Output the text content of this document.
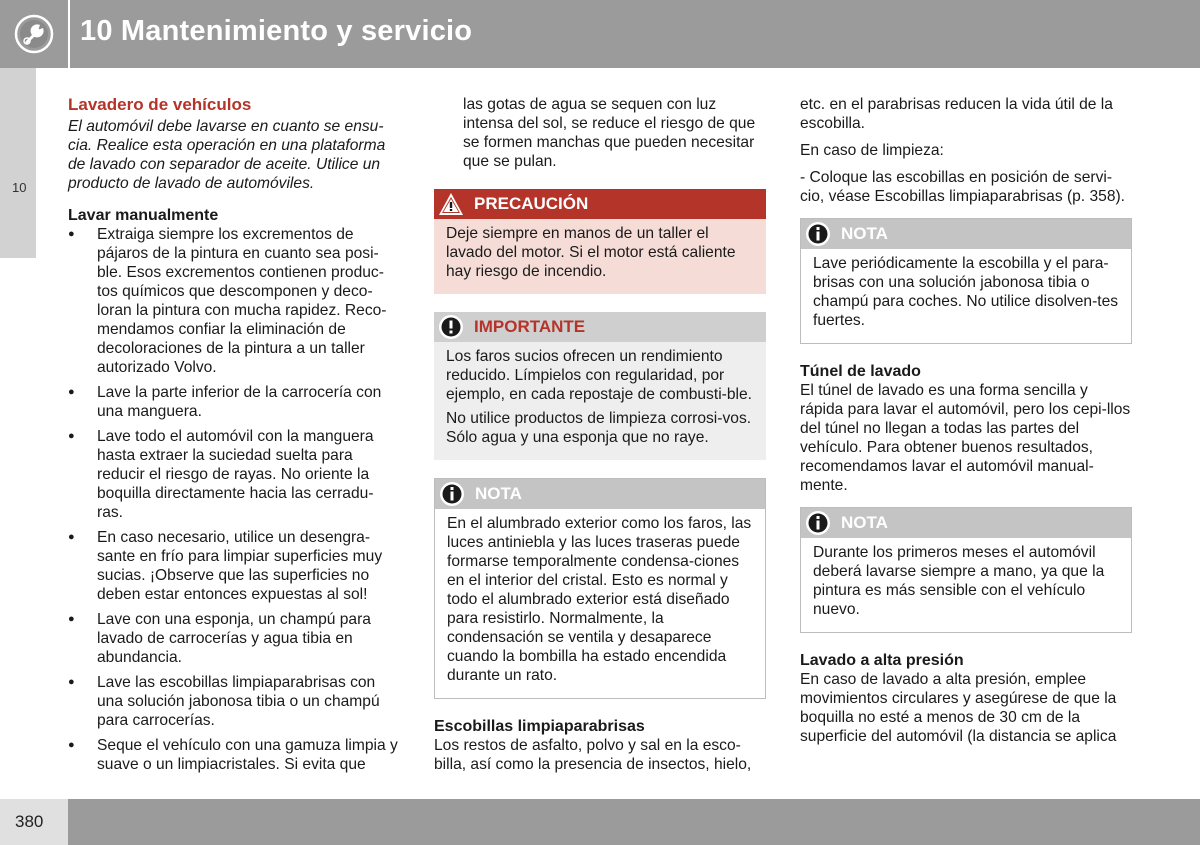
10 Mantenimiento y servicio
10
Lavadero de vehículos
El automóvil debe lavarse en cuanto se ensu-cia. Realice esta operación en una plataforma de lavado con separador de aceite. Utilice un producto de lavado de automóviles.
Lavar manualmente
● Extraiga siempre los excrementos de pájaros de la pintura en cuanto sea posi-ble. Esos excrementos contienen produc-tos químicos que descomponen y deco-loran la pintura con mucha rapidez. Reco-mendamos confiar la eliminación de decoloraciones de la pintura a un taller autorizado Volvo.
● Lave la parte inferior de la carrocería con una manguera.
● Lave todo el automóvil con la manguera hasta extraer la suciedad suelta para reducir el riesgo de rayas. No oriente la boquilla directamente hacia las cerradu-ras.
● En caso necesario, utilice un desengra-sante en frío para limpiar superficies muy sucias. ¡Observe que las superficies no deben estar entonces expuestas al sol!
● Lave con una esponja, un champú para lavado de carrocerías y agua tibia en abundancia.
● Lave las escobillas limpiaparabrisas con una solución jabonosa tibia o un champú para carrocerías.
● Seque el vehículo con una gamuza limpia y suave o un limpiacristales. Si evita que

las gotas de agua se sequen con luz intensa del sol, se reduce el riesgo de que se formen manchas que pueden necesitar que se pulan.

PRECAUCIÓN

Deje siempre en manos de un taller el lavado del motor. Si el motor está caliente hay riesgo de incendio.

IMPORTANTE

Los faros sucios ofrecen un rendimiento reducido. Límpielos con regularidad, por ejemplo, en cada repostaje de combusti-ble.

No utilice productos de limpieza corrosi-vos. Sólo agua y una esponja que no raye.

NOTA

En el alumbrado exterior como los faros, las luces antiniebla y las luces traseras puede formarse temporalmente condensa-ciones en el interior del cristal. Esto es normal y todo el alumbrado exterior está diseñado para resistirlo. Normalmente, la condensación se ventila y desaparece cuando la bombilla ha estado encendida durante un rato.

Escobillas limpiaparabrisas

Los restos de asfalto, polvo y sal en la esco-billa, así como la presencia de insectos, hielo,

etc. en el parabrisas reducen la vida útil de la escobilla.

En caso de limpieza:

- Coloque las escobillas en posición de servi-cio, véase Escobillas limpiaparabrisas (p. 358).

NOTA

Lave periódicamente la escobilla y el para-brisas con una solución jabonosa tibia o champú para coches. No utilice disolven-tes fuertes.

Túnel de lavado

El túnel de lavado es una forma sencilla y rápida para lavar el automóvil, pero los cepi-llos del túnel no llegan a todas las partes del vehículo. Para obtener buenos resultados, recomendamos lavar el automóvil manual-mente.

NOTA

Durante los primeros meses el automóvil deberá lavarse siempre a mano, ya que la pintura es más sensible con el vehículo nuevo.

Lavado a alta presión

En caso de lavado a alta presión, emplee movimientos circulares y asegúrese de que la boquilla no esté a menos de 30 cm de la superficie del automóvil (la distancia se aplica

380
